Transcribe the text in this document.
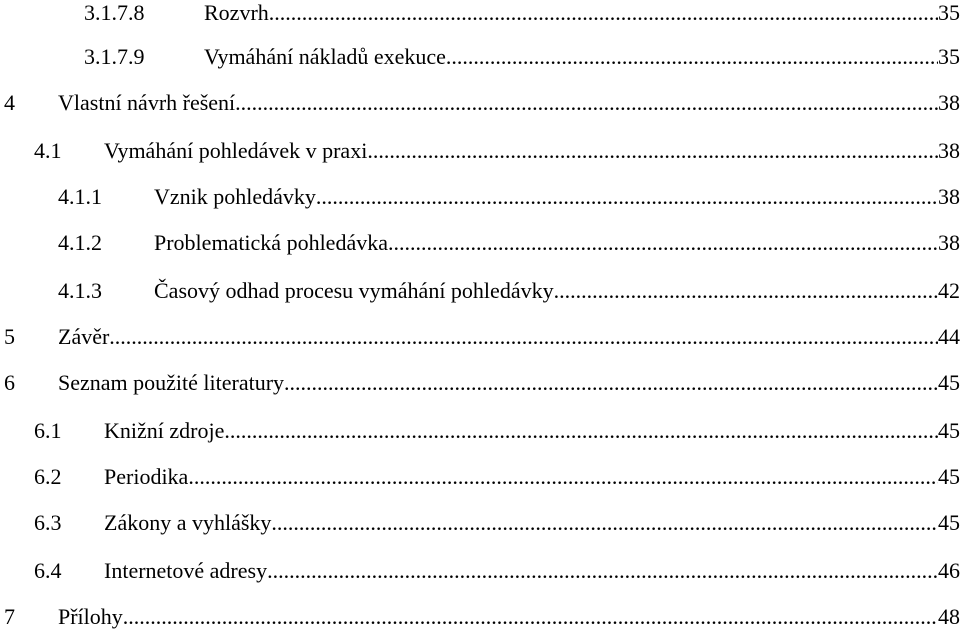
3.1.7.8	Rozvrh .....	35
3.1.7.9	Vymáhání nákladů exekuce .....	35
4 Vlastní návrh řešení .....	38
4.1 Vymáhání pohledávek v praxi .....	38
4.1.1 Vznik pohledávky .....	38
4.1.2 Problematická pohledávka .....	38
4.1.3 Časový odhad procesu vymáhání pohledávky .....	42
5 Závěr .....	44
6 Seznam použité literatury .....	45
6.1 Knižní zdroje .....	45
6.2 Periodika .....	45
6.3 Zákony a vyhlášky .....	45
6.4 Internetové adresy .....	46
7 Přílohy .....	48
